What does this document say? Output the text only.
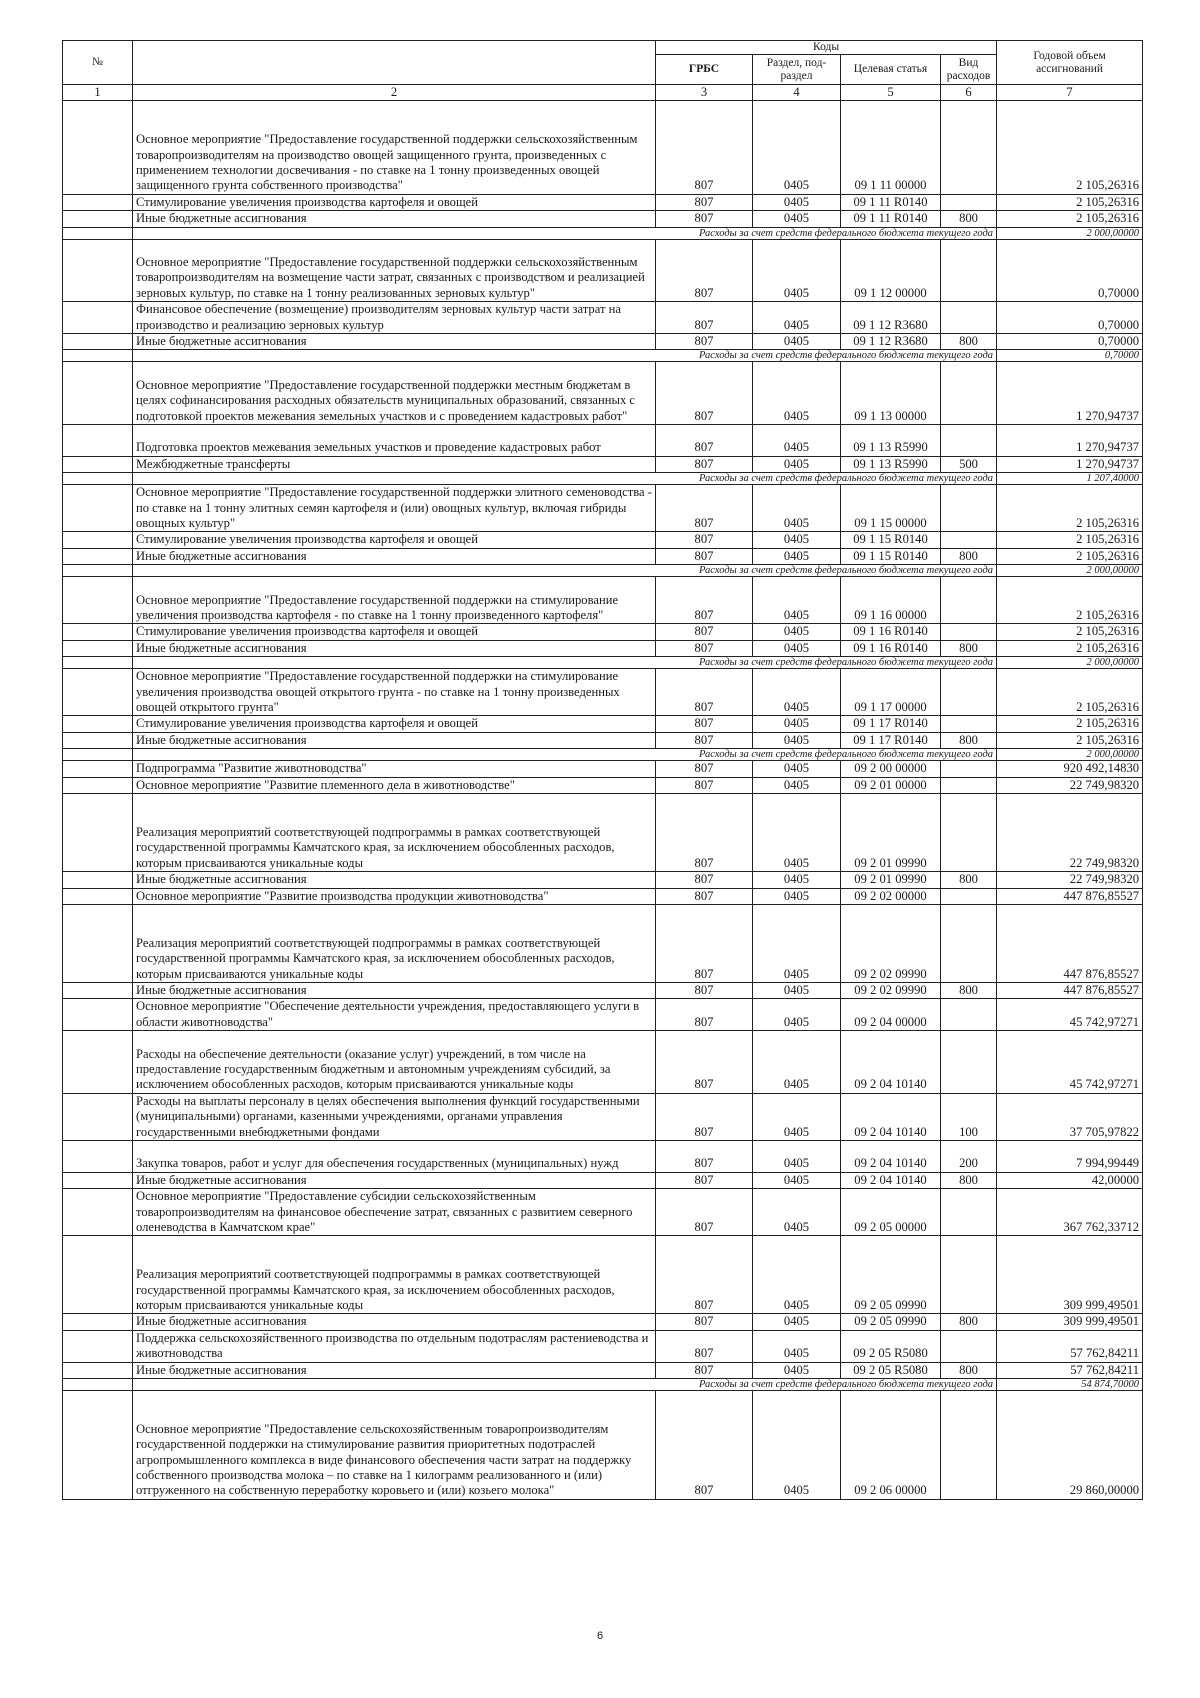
№		Коды				Годовой объем ассигнований
		ГРБС	Раздел, под-раздел	Целевая статья	Вид расходов	
1	2	3	4	5	6	7
	Основное мероприятие "Предоставление государственной поддержки сельскохозяйственным товаропроизводителям на производство овощей защищенного грунта, произведенных с применением технологии досвечивания - по ставке на 1 тонну произведенных овощей защищенного грунта собственного производства"	807	0405	09 1 11 00000		2 105,26316
	Стимулирование увеличения производства картофеля и овощей	807	0405	09 1 11 R0140		2 105,26316
	Иные бюджетные ассигнования	807	0405	09 1 11 R0140	800	2 105,26316
	Расходы за счет средств федерального бюджета текущего года					2 000,00000
	Основное мероприятие "Предоставление государственной поддержки сельскохозяйственным товаропроизводителям на возмещение части затрат, связанных с производством и реализацией зерновых культур, по ставке на 1 тонну реализованных зерновых культур"	807	0405	09 1 12 00000		0,70000
	Финансовое обеспечение (возмещение) производителям зерновых культур части затрат на производство и реализацию зерновых культур	807	0405	09 1 12 R3680		0,70000
	Иные бюджетные ассигнования	807	0405	09 1 12 R3680	800	0,70000
	Расходы за счет средств федерального бюджета текущего года					0,70000
	Основное мероприятие "Предоставление государственной поддержки местным бюджетам в целях софинансирования расходных обязательств муниципальных образований, связанных с подготовкой проектов межевания земельных участков и с проведением кадастровых работ"	807	0405	09 1 13 00000		1 270,94737
	Подготовка проектов межевания земельных участков и проведение кадастровых работ	807	0405	09 1 13 R5990		1 270,94737
	Межбюджетные трансферты	807	0405	09 1 13 R5990	500	1 270,94737
	Расходы за счет средств федерального бюджета текущего года					1 207,40000
	Основное мероприятие "Предоставление государственной поддержки элитного семеноводства - по ставке на 1 тонну элитных семян картофеля и (или) овощных культур, включая гибриды овощных культур"	807	0405	09 1 15 00000		2 105,26316
	Стимулирование увеличения производства картофеля и овощей	807	0405	09 1 15 R0140		2 105,26316
	Иные бюджетные ассигнования	807	0405	09 1 15 R0140	800	2 105,26316
	Расходы за счет средств федерального бюджета текущего года					2 000,00000
	Основное мероприятие "Предоставление государственной поддержки на стимулирование увеличения производства картофеля - по ставке на 1 тонну произведенного картофеля"	807	0405	09 1 16 00000		2 105,26316
	Стимулирование увеличения производства картофеля и овощей	807	0405	09 1 16 R0140		2 105,26316
	Иные бюджетные ассигнования	807	0405	09 1 16 R0140	800	2 105,26316
	Расходы за счет средств федерального бюджета текущего года					2 000,00000
	Основное мероприятие "Предоставление государственной поддержки на стимулирование увеличения производства овощей открытого грунта - по ставке на 1 тонну произведенных овощей открытого грунта"	807	0405	09 1 17 00000		2 105,26316
	Стимулирование увеличения производства картофеля и овощей	807	0405	09 1 17 R0140		2 105,26316
	Иные бюджетные ассигнования	807	0405	09 1 17 R0140	800	2 105,26316
	Расходы за счет средств федерального бюджета текущего года					2 000,00000
	Подпрограмма "Развитие животноводства"	807	0405	09 2 00 00000		920 492,14830
	Основное мероприятие "Развитие племенного дела в животноводстве"	807	0405	09 2 01 00000		22 749,98320
	Реализация мероприятий соответствующей подпрограммы в рамках соответствующей государственной программы Камчатского края, за исключением обособленных расходов, которым присваиваются уникальные коды	807	0405	09 2 01 09990		22 749,98320
	Иные бюджетные ассигнования	807	0405	09 2 01 09990	800	22 749,98320
	Основное мероприятие "Развитие производства продукции животноводства"	807	0405	09 2 02 00000		447 876,85527
	Реализация мероприятий соответствующей подпрограммы в рамках соответствующей государственной программы Камчатского края, за исключением обособленных расходов, которым присваиваются уникальные коды	807	0405	09 2 02 09990		447 876,85527
	Иные бюджетные ассигнования	807	0405	09 2 02 09990	800	447 876,85527
	Основное мероприятие "Обеспечение деятельности учреждения, предоставляющего услуги в области животноводства"	807	0405	09 2 04 00000		45 742,97271
	Расходы на обеспечение деятельности (оказание услуг) учреждений, в том числе на предоставление государственным бюджетным и автономным учреждениям субсидий, за исключением обособленных расходов, которым присваиваются уникальные коды	807	0405	09 2 04 10140		45 742,97271
	Расходы на выплаты персоналу в целях обеспечения выполнения функций государственными (муниципальными) органами, казенными учреждениями, органами управления государственными внебюджетными фондами	807	0405	09 2 04 10140	100	37 705,97822
	Закупка товаров, работ и услуг для обеспечения государственных (муниципальных) нужд	807	0405	09 2 04 10140	200	7 994,99449
	Иные бюджетные ассигнования	807	0405	09 2 04 10140	800	42,00000
	Основное мероприятие "Предоставление субсидии сельскохозяйственным товаропроизводителям на финансовое обеспечение затрат, связанных с развитием северного оленеводства в Камчатском крае"	807	0405	09 2 05 00000		367 762,33712
	Реализация мероприятий соответствующей подпрограммы в рамках соответствующей государственной программы Камчатского края, за исключением обособленных расходов, которым присваиваются уникальные коды	807	0405	09 2 05 09990		309 999,49501
	Иные бюджетные ассигнования	807	0405	09 2 05 09990	800	309 999,49501
	Поддержка сельскохозяйственного производства по отдельным подотраслям растениеводства и животноводства	807	0405	09 2 05 R5080		57 762,84211
	Иные бюджетные ассигнования	807	0405	09 2 05 R5080	800	57 762,84211
	Расходы за счет средств федерального бюджета текущего года					54 874,70000
	Основное мероприятие "Предоставление сельскохозяйственным товаропроизводителям государственной поддержки на стимулирование развития приоритетных подотраслей агропромышленного комплекса в виде финансового обеспечения части затрат на поддержку собственного производства молока – по ставке на 1 килограмм реализованного и (или) отгруженного на собственную переработку коровьего и (или) козьего молока"	807	0405	09 2 06 00000		29 860,00000
6
